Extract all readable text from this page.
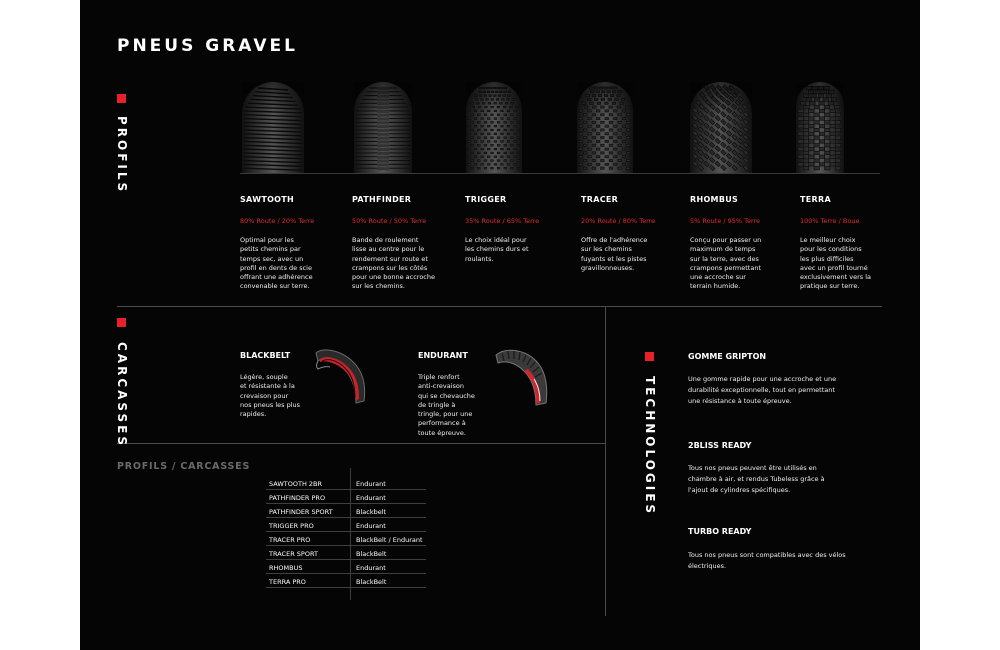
PNEUS GRAVEL
PROFILS
SAWTOOTH
80% Route / 20% Terre
Optimal pour les
petits chemins par
temps sec, avec un
profil en dents de scie
offrant une adhérence
convenable sur terre.
PATHFINDER
50% Route / 50% Terre
Bande de roulement
lisse au centre pour le
rendement sur route et
crampons sur les côtés
pour une bonne accroche
sur les chemins.
TRIGGER
35% Route / 65% Terre
Le choix idéal pour
les chemins durs et
roulants.
TRACER
20% Route / 80% Terre
Offre de l'adhérence
sur les chemins
fuyants et les pistes
gravillonneuses.
RHOMBUS
5% Route / 95% Terre
Conçu pour passer un
maximum de temps
sur la terre, avec des
crampons permettant
une accroche sur
terrain humide.
TERRA
100% Terre / Boue
Le meilleur choix
pour les conditions
les plus difficiles
avec un profil tourné
exclusivement vers la
pratique sur terre.
CARCASSES	BLACKBELT
Légère, souple
et résistante à la
crevaison pour
nos pneus les plus
rapides.
ENDURANT
Triple renfort
anti-crevaison
qui se chevauche
de tringle à
tringle, pour une
performance à
toute épreuve.	TECHNOLOGIES
GOMME GRIPTON
Une gomme rapide pour une accroche et une
durabilité exceptionnelle, tout en permettant
une résistance à toute épreuve.
2BLISS READY
Tous nos pneus peuvent être utilisés en
chambre à air, et rendus Tubeless grâce à
l'ajout de cylindres spécifiques.
TURBO READY
Tous nos pneus sont compatibles avec des vélos
électriques.
PROFILS / CARCASSES
SAWTOOTH 2BR	Endurant
PATHFINDER PRO	Endurant
PATHFINDER SPORT	Blackbelt
TRIGGER PRO	Endurant
TRACER PRO	BlackBelt / Endurant
TRACER SPORT	BlackBelt
RHOMBUS	Endurant
TERRA PRO	BlackBelt
